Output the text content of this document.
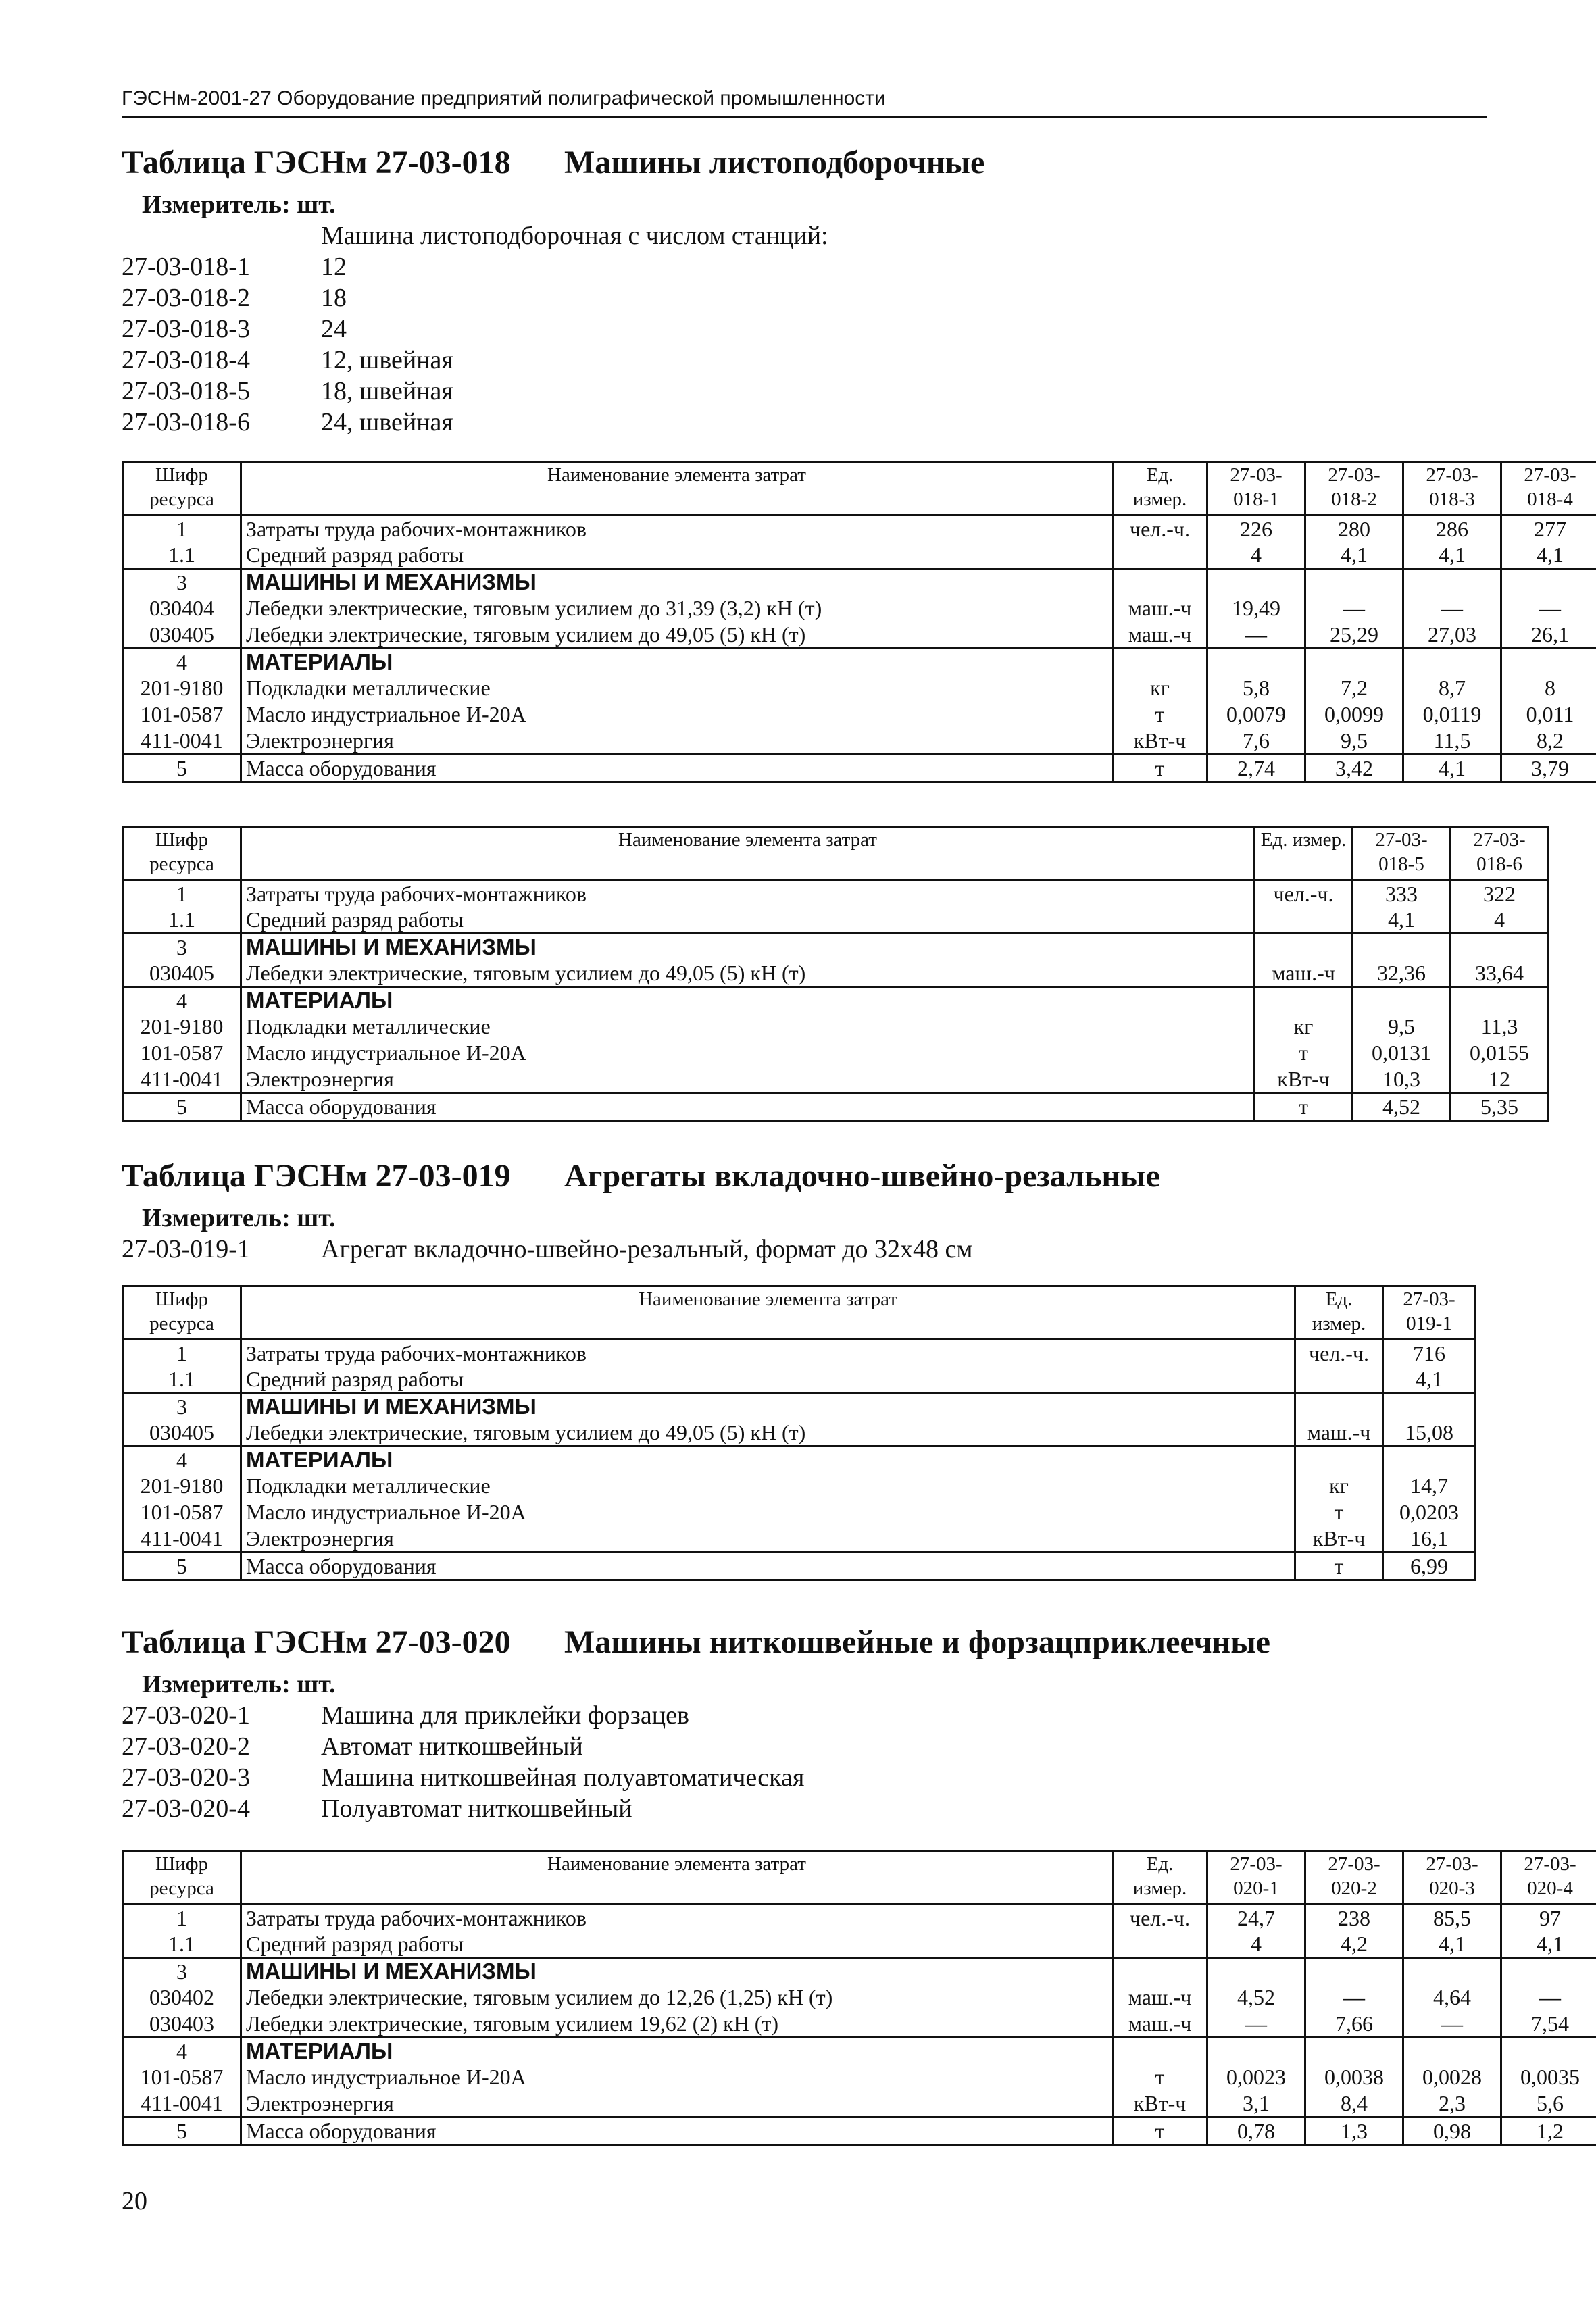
ГЭСНм-2001-27 Оборудование предприятий полиграфической промышленности
Таблица ГЭСНм 27-03-018 Машины листоподборочные
Измеритель: шт.
Машина листоподборочная с числом станций:
27-03-018-1	12
27-03-018-2	18
27-03-018-3	24
27-03-018-4	12, швейная
27-03-018-5	18, швейная
27-03-018-6	24, швейная
Шифр ресурса	Наименование элемента затрат	Ед. измер.	27-03- 018-1	27-03- 018-2	27-03- 018-3	27-03- 018-4
1	Затраты труда рабочих-монтажников	чел.-ч.	226	280	286	277
1.1	Средний разряд работы		4	4,1	4,1	4,1
3	МАШИНЫ И МЕХАНИЗМЫ					
030404	Лебедки электрические, тяговым усилием до 31,39 (3,2) кН (т)	маш.-ч	19,49	—	—	—
030405	Лебедки электрические, тяговым усилием до 49,05 (5) кН (т)	маш.-ч	—	25,29	27,03	26,1
4	МАТЕРИАЛЫ					
201-9180	Подкладки металлические	кг	5,8	7,2	8,7	8
101-0587	Масло индустриальное И-20А	т	0,0079	0,0099	0,0119	0,011
411-0041	Электроэнергия	кВт-ч	7,6	9,5	11,5	8,2
5	Масса оборудования	т	2,74	3,42	4,1	3,79
Шифр ресурса	Наименование элемента затрат	Ед. измер.	27-03- 018-5	27-03- 018-6
1	Затраты труда рабочих-монтажников	чел.-ч.	333	322
1.1	Средний разряд работы		4,1	4
3	МАШИНЫ И МЕХАНИЗМЫ			
030405	Лебедки электрические, тяговым усилием до 49,05 (5) кН (т)	маш.-ч	32,36	33,64
4	МАТЕРИАЛЫ			
201-9180	Подкладки металлические	кг	9,5	11,3
101-0587	Масло индустриальное И-20А	т	0,0131	0,0155
411-0041	Электроэнергия	кВт-ч	10,3	12
5	Масса оборудования	т	4,52	5,35
Таблица ГЭСНм 27-03-019 Агрегаты вкладочно-швейно-резальные
Измеритель: шт.
27-03-019-1	Агрегат вкладочно-швейно-резальный, формат до 32х48 см
Шифр ресурса	Наименование элемента затрат	Ед. измер.	27-03- 019-1
1	Затраты труда рабочих-монтажников	чел.-ч.	716
1.1	Средний разряд работы		4,1
3	МАШИНЫ И МЕХАНИЗМЫ		
030405	Лебедки электрические, тяговым усилием до 49,05 (5) кН (т)	маш.-ч	15,08
4	МАТЕРИАЛЫ		
201-9180	Подкладки металлические	кг	14,7
101-0587	Масло индустриальное И-20А	т	0,0203
411-0041	Электроэнергия	кВт-ч	16,1
5	Масса оборудования	т	6,99
Таблица ГЭСНм 27-03-020 Машины ниткошвейные и форзацприклеечные
Измеритель: шт.
27-03-020-1	Машина для приклейки форзацев
27-03-020-2	Автомат ниткошвейный
27-03-020-3	Машина ниткошвейная полуавтоматическая
27-03-020-4	Полуавтомат ниткошвейный
Шифр ресурса	Наименование элемента затрат	Ед. измер.	27-03- 020-1	27-03- 020-2	27-03- 020-3	27-03- 020-4
1	Затраты труда рабочих-монтажников	чел.-ч.	24,7	238	85,5	97
1.1	Средний разряд работы		4	4,2	4,1	4,1
3	МАШИНЫ И МЕХАНИЗМЫ					
030402	Лебедки электрические, тяговым усилием до 12,26 (1,25) кН (т)	маш.-ч	4,52	—	4,64	—
030403	Лебедки электрические, тяговым усилием 19,62 (2) кН (т)	маш.-ч	—	7,66	—	7,54
4	МАТЕРИАЛЫ					
101-0587	Масло индустриальное И-20А	т	0,0023	0,0038	0,0028	0,0035
411-0041	Электроэнергия	кВт-ч	3,1	8,4	2,3	5,6
5	Масса оборудования	т	0,78	1,3	0,98	1,2
20
